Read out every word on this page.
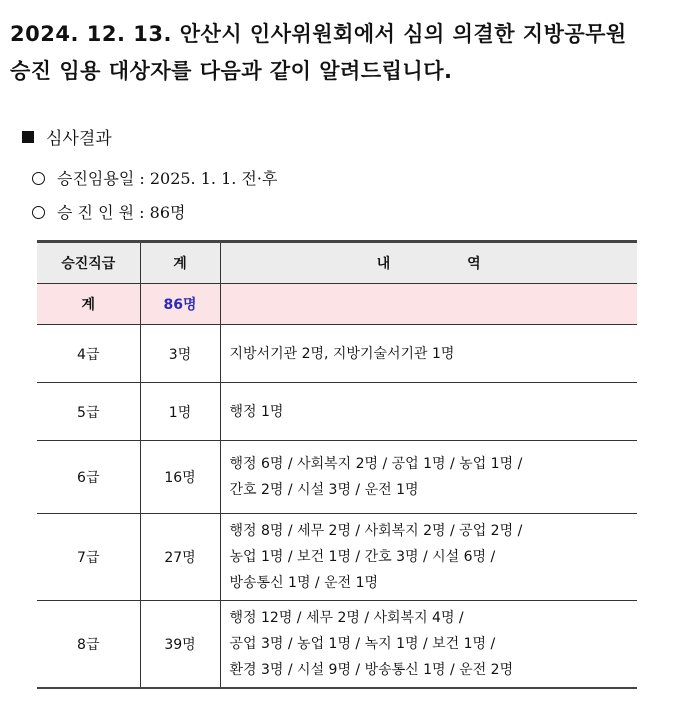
2024. 12. 13. 안산시 인사위원회에서 심의 의결한 지방공무원
승진 임용 대상자를 다음과 같이 알려드립니다.
심사결과
승진임용일 : 2025. 1. 1. 전·후
승 진 인 원 : 86명
승진직급	계	내 역
계	86명	
4급	3명	지방서기관 2명, 지방기술서기관 1명
5급	1명	행정 1명
6급	16명	행정 6명 / 사회복지 2명 / 공업 1명 / 농업 1명 /
간호 2명 / 시설 3명 / 운전 1명
7급	27명	행정 8명 / 세무 2명 / 사회복지 2명 / 공업 2명 /
농업 1명 / 보건 1명 / 간호 3명 / 시설 6명 /
방송통신 1명 / 운전 1명
8급	39명	행정 12명 / 세무 2명 / 사회복지 4명 /
공업 3명 / 농업 1명 / 녹지 1명 / 보건 1명 /
환경 3명 / 시설 9명 / 방송통신 1명 / 운전 2명
